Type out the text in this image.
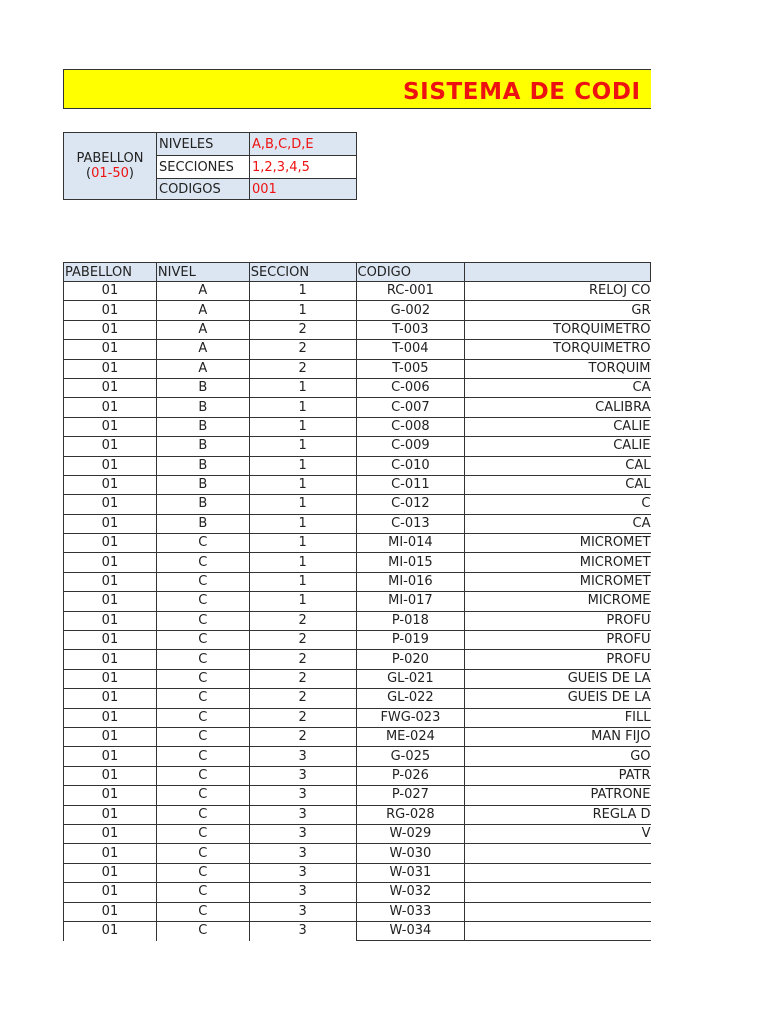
SISTEMA DE CODI
PABELLON
(01-50)	NIVELES	A,B,C,D,E
	SECCIONES	1,2,3,4,5
	CODIGOS	001
PABELLON	NIVEL	SECCION	CODIGO	
01	A	1	RC-001	RELOJ CO
01	A	1	G-002	GR
01	A	2	T-003	TORQUIMETRO
01	A	2	T-004	TORQUIMETRO
01	A	2	T-005	TORQUIM
01	B	1	C-006	CA
01	B	1	C-007	CALIBRA
01	B	1	C-008	CALIE
01	B	1	C-009	CALIE
01	B	1	C-010	CAL
01	B	1	C-011	CAL
01	B	1	C-012	C
01	B	1	C-013	CA
01	C	1	MI-014	MICROMET
01	C	1	MI-015	MICROMET
01	C	1	MI-016	MICROMET
01	C	1	MI-017	MICROME
01	C	2	P-018	PROFU
01	C	2	P-019	PROFU
01	C	2	P-020	PROFU
01	C	2	GL-021	GUEIS DE LA
01	C	2	GL-022	GUEIS DE LA
01	C	2	FWG-023	FILL
01	C	2	ME-024	MAN FIJO
01	C	3	G-025	GO
01	C	3	P-026	PATR
01	C	3	P-027	PATRONE
01	C	3	RG-028	REGLA D
01	C	3	W-029	V
01	C	3	W-030	
01	C	3	W-031	
01	C	3	W-032	
01	C	3	W-033	
01	C	3	W-034	
